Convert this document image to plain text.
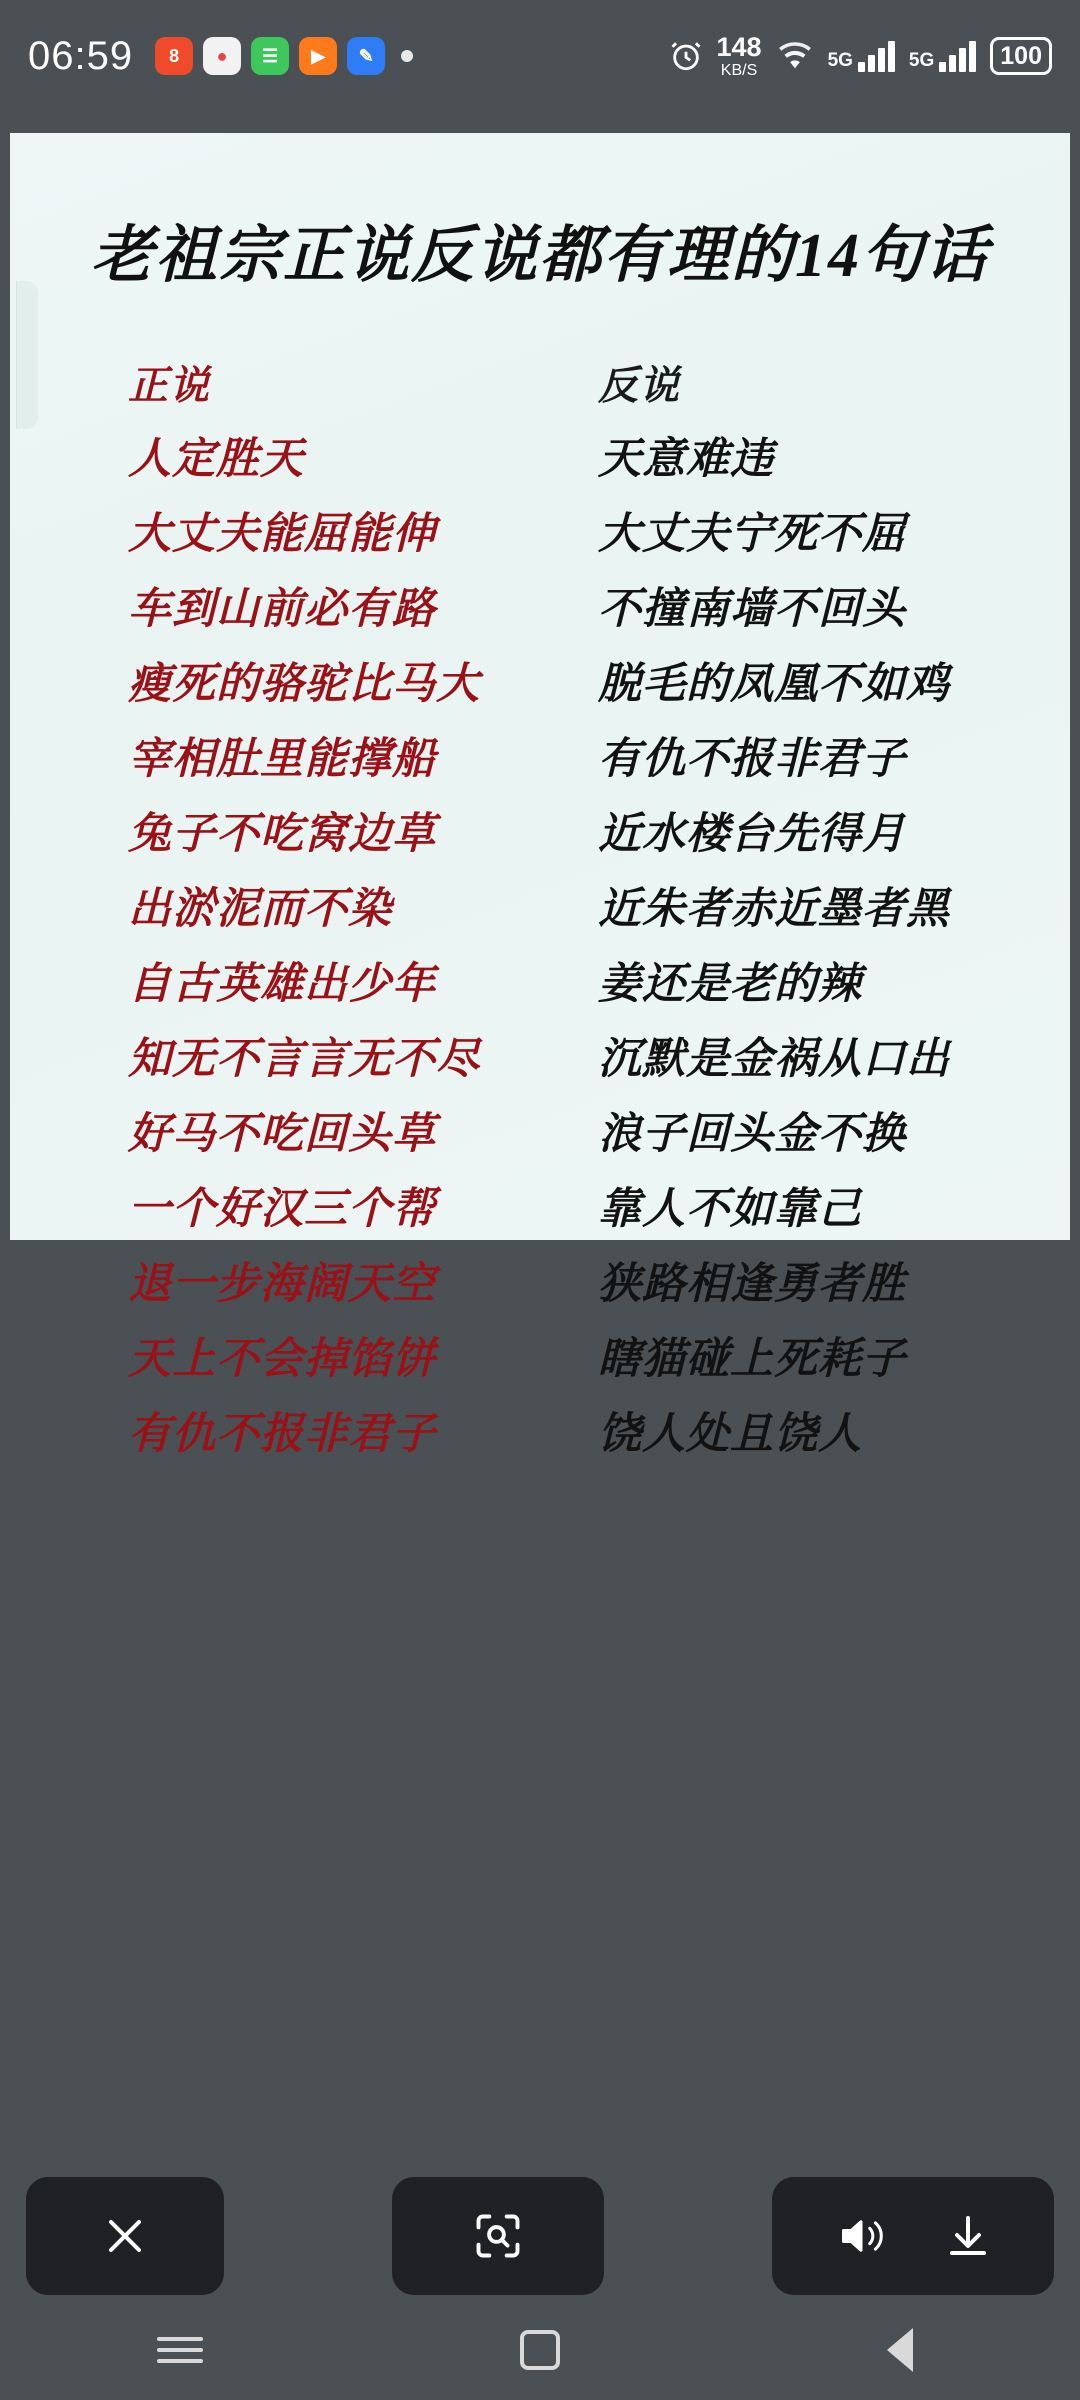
06:59 8 ● ☰ ▶ ✎	148
KB/S	5G	5G	100
老祖宗正说反说都有理的14句话
正说	反说
人定胜天	天意难违
大丈夫能屈能伸	大丈夫宁死不屈
车到山前必有路	不撞南墙不回头
瘦死的骆驼比马大	脱毛的凤凰不如鸡
宰相肚里能撑船	有仇不报非君子
兔子不吃窝边草	近水楼台先得月
出淤泥而不染	近朱者赤近墨者黑
自古英雄出少年	姜还是老的辣
知无不言言无不尽	沉默是金祸从口出
好马不吃回头草	浪子回头金不换
一个好汉三个帮	靠人不如靠己
退一步海阔天空	狭路相逢勇者胜
天上不会掉馅饼	瞎猫碰上死耗子
有仇不报非君子	饶人处且饶人
